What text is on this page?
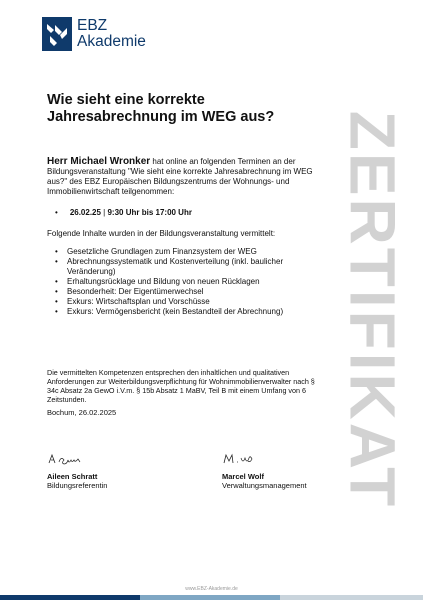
EBZ
Akademie
Wie sieht eine korrekte Jahresabrechnung im WEG aus? ZERTIFIKAT
Herr Michael Wronker hat online an folgenden Terminen an der Bildungsveranstaltung "Wie sieht eine korrekte Jahresabrechnung im WEG aus?" des EBZ Europäischen Bildungszentrums der Wohnungs- und Immobilienwirtschaft teilgenommen:
• 26.02.25 | 9:30 Uhr bis 17:00 Uhr
Folgende Inhalte wurden in der Bildungsveranstaltung vermittelt:
• Gesetzliche Grundlagen zum Finanzsystem der WEG
• Abrechnungssystematik und Kostenverteilung (inkl. baulicher Veränderung)
• Erhaltungsrücklage und Bildung von neuen Rücklagen
• Besonderheit: Der Eigentümerwechsel
• Exkurs: Wirtschaftsplan und Vorschüsse
• Exkurs: Vermögensbericht (kein Bestandteil der Abrechnung)
Die vermittelten Kompetenzen entsprechen den inhaltlichen und qualitativen Anforderungen zur Weiterbildungsverpflichtung für Wohnimmobilienverwalter nach § 34c Absatz 2a GewO i.V.m. § 15b Absatz 1 MaBV, Teil B mit einem Umfang von 6 Zeitstunden.
Bochum, 26.02.2025
Aileen Schratt
Bildungsreferentin
Marcel Wolf
Verwaltungsmanagement
www.EBZ-Akademie.de
